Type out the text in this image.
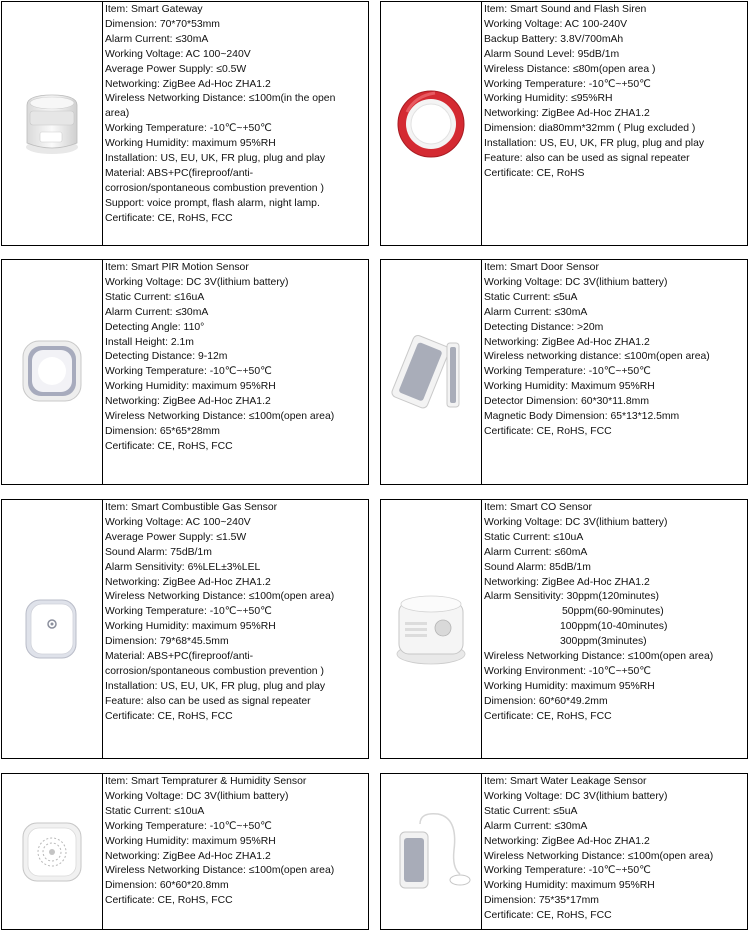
Item: Smart Gateway
Dimension: 70*70*53mm
Alarm Current: ≤30mA
Working Voltage: AC 100~240V
Average Power Supply: ≤0.5W
Networking: ZigBee Ad-Hoc ZHA1.2
Wireless Networking Distance: ≤100m(in the open
area)
Working Temperature: -10℃~+50℃
Working Humidity: maximum 95%RH
Installation: US, EU, UK, FR plug, plug and play
Material: ABS+PC(fireproof/anti-
corrosion/spontaneous combustion prevention )
Support: voice prompt, flash alarm, night lamp.
Certificate: CE, RoHS, FCC
Item: Smart Sound and Flash Siren
Working Voltage: AC 100-240V
Backup Battery: 3.8V/700mAh
Alarm Sound Level: 95dB/1m
Wireless Distance: ≤80m(open area )
Working Temperature: -10℃~+50℃
Working Humidity: ≤95%RH
Networking: ZigBee Ad-Hoc ZHA1.2
Dimension: dia80mm*32mm ( Plug excluded )
Installation: US, EU, UK, FR plug, plug and play
Feature: also can be used as signal repeater
Certificate: CE, RoHS
Item: Smart PIR Motion Sensor
Working Voltage: DC 3V(lithium battery)
Static Current: ≤16uA
Alarm Current: ≤30mA
Detecting Angle: 110°
Install Height: 2.1m
Detecting Distance: 9-12m
Working Temperature: -10℃~+50℃
Working Humidity: maximum 95%RH
Networking: ZigBee Ad-Hoc ZHA1.2
Wireless Networking Distance: ≤100m(open area)
Dimension: 65*65*28mm
Certificate: CE, RoHS, FCC
Item: Smart Door Sensor
Working Voltage: DC 3V(lithium battery)
Static Current: ≤5uA
Alarm Current: ≤30mA
Detecting Distance: >20m
Networking: ZigBee Ad-Hoc ZHA1.2
Wireless networking distance: ≤100m(open area)
Working Temperature: -10℃~+50℃
Working Humidity: Maximum 95%RH
Detector Dimension: 60*30*11.8mm
Magnetic Body Dimension: 65*13*12.5mm
Certificate: CE, RoHS, FCC
Item: Smart Combustible Gas Sensor
Working Voltage: AC 100~240V
Average Power Supply: ≤1.5W
Sound Alarm: 75dB/1m
Alarm Sensitivity: 6%LEL±3%LEL
Networking: ZigBee Ad-Hoc ZHA1.2
Wireless Networking Distance: ≤100m(open area)
Working Temperature: -10℃~+50℃
Working Humidity: maximum 95%RH
Dimension: 79*68*45.5mm
Material: ABS+PC(fireproof/anti-
corrosion/spontaneous combustion prevention )
Installation: US, EU, UK, FR plug, plug and play
Feature: also can be used as signal repeater
Certificate: CE, RoHS, FCC
Item: Smart CO Sensor
Working Voltage: DC 3V(lithium battery)
Static Current: ≤10uA
Alarm Current: ≤60mA
Sound Alarm: 85dB/1m
Networking: ZigBee Ad-Hoc ZHA1.2
Alarm Sensitivity: 30ppm(120minutes)
50ppm(60-90minutes)
100ppm(10-40minutes)
300ppm(3minutes)
Wireless Networking Distance: ≤100m(open area)
Working Environment: -10℃~+50℃
Working Humidity: maximum 95%RH
Dimension: 60*60*49.2mm
Certificate: CE, RoHS, FCC
Item: Smart Tempraturer & Humidity Sensor
Working Voltage: DC 3V(lithium battery)
Static Current: ≤10uA
Working Temperature: -10℃~+50℃
Working Humidity: maximum 95%RH
Networking: ZigBee Ad-Hoc ZHA1.2
Wireless Networking Distance: ≤100m(open area)
Dimension: 60*60*20.8mm
Certificate: CE, RoHS, FCC
Item: Smart Water Leakage Sensor
Working Voltage: DC 3V(lithium battery)
Static Current: ≤5uA
Alarm Current: ≤30mA
Networking: ZigBee Ad-Hoc ZHA1.2
Wireless Networking Distance: ≤100m(open area)
Working Temperature: -10℃~+50℃
Working Humidity: maximum 95%RH
Dimension: 75*35*17mm
Certificate: CE, RoHS, FCC
